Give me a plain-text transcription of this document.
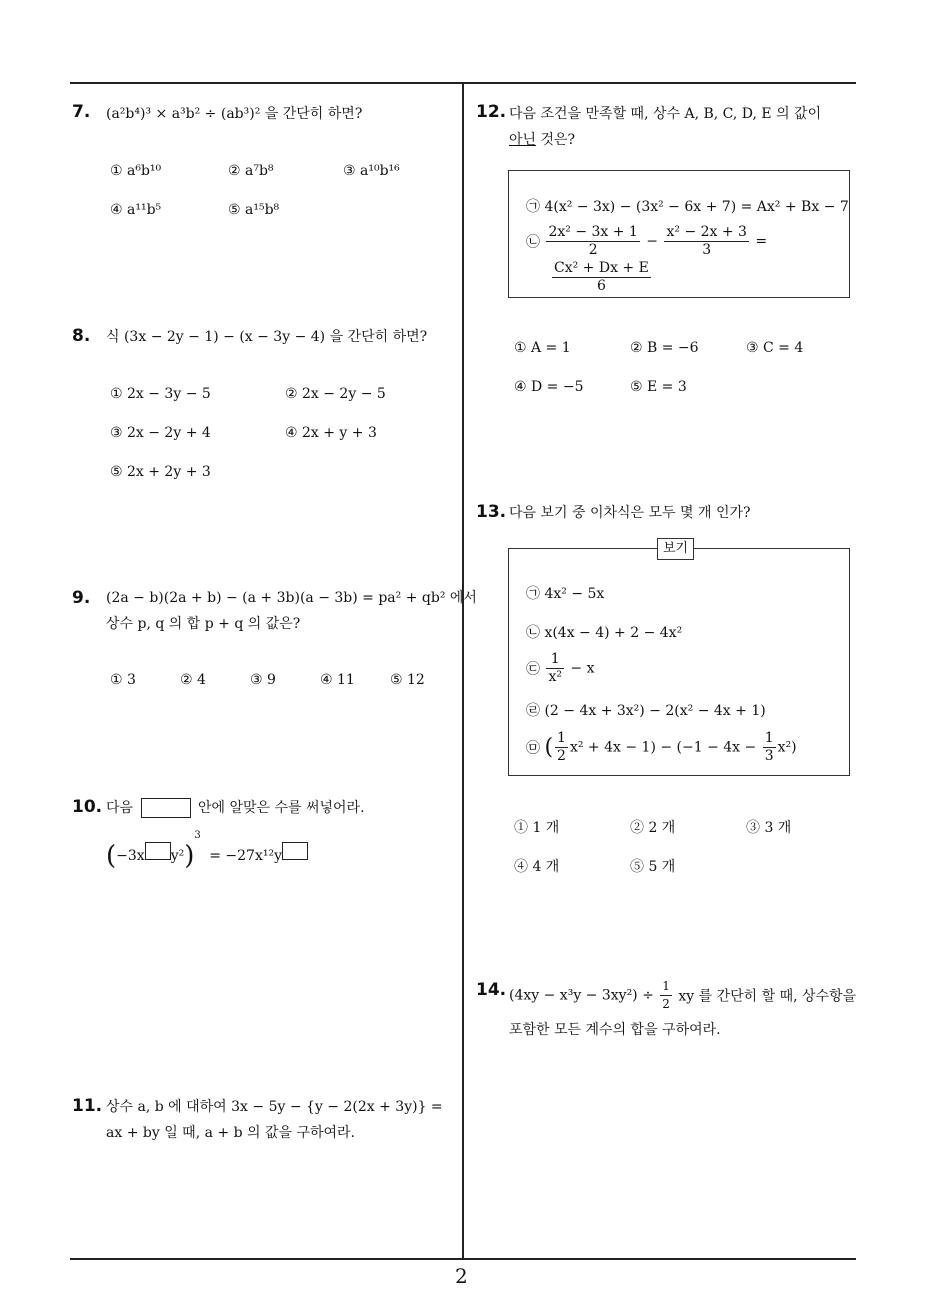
2
7. (a²b⁴)³ × a³b² ÷ (ab³)² 을 간단히 하면?
① a⁶b¹⁰	② a⁷b⁸	③ a¹⁰b¹⁶
④ a¹¹b⁵	⑤ a¹⁵b⁸
8. 식 (3x − 2y − 1) − (x − 3y − 4) 을 간단히 하면?
① 2x − 3y − 5	② 2x − 2y − 5
③ 2x − 2y + 4	④ 2x + y + 3
⑤ 2x + 2y + 3
9. (2a − b)(2a + b) − (a + 3b)(a − 3b) = pa² + qb² 에서
상수 p, q 의 합 p + q 의 값은?
① 3	② 4	③ 9	④ 11	⑤ 12
10. 다음	안에 알맞은 수를 써넣어라.
(−3x y²)$^3$ = −27x¹²y
11. 상수 a, b 에 대하여 3x − 5y − {y − 2(2x + 3y)} =
ax + by 일 때, a + b 의 값을 구하여라.
12. 다음 조건을 만족할 때, 상수 A, B, C, D, E 의 값이
아닌 것은?
㉠ 4(x² − 3x) − (3x² − 6x + 7) = Ax² + Bx − 7
㉡ $\frac{\text{2x² − 3x + 1}}{2} - \frac{\text{x² − 2x + 3}}{3}$ =
$\frac{\text{Cx² + Dx + E}}{6}$
① A = 1	② B = −6	③ C = 4
④ D = −5	⑤ E = 3
13. 다음 보기 중 이차식은 모두 몇 개 인가?
보기
㉠ 4x² − 5x
㉡ x(4x − 4) + 2 − 4x²
㉢ $\frac{1}{\text{x²}} - x$
㉣ (2 − 4x + 3x²) − 2(x² − 4x + 1)
㉤ ( $\frac{1}{2} x^2 + 4x - 1) - (-1 - 4x - \frac{1}{3} x^2)$
① 1 개	② 2 개	③ 3 개
④ 4 개	⑤ 5 개
14. $(4xy - x^3y - 3xy^2) \div \frac{1}{2}$ xy 를 간단히 할 때, 상수항을
포함한 모든 계수의 합을 구하여라.
